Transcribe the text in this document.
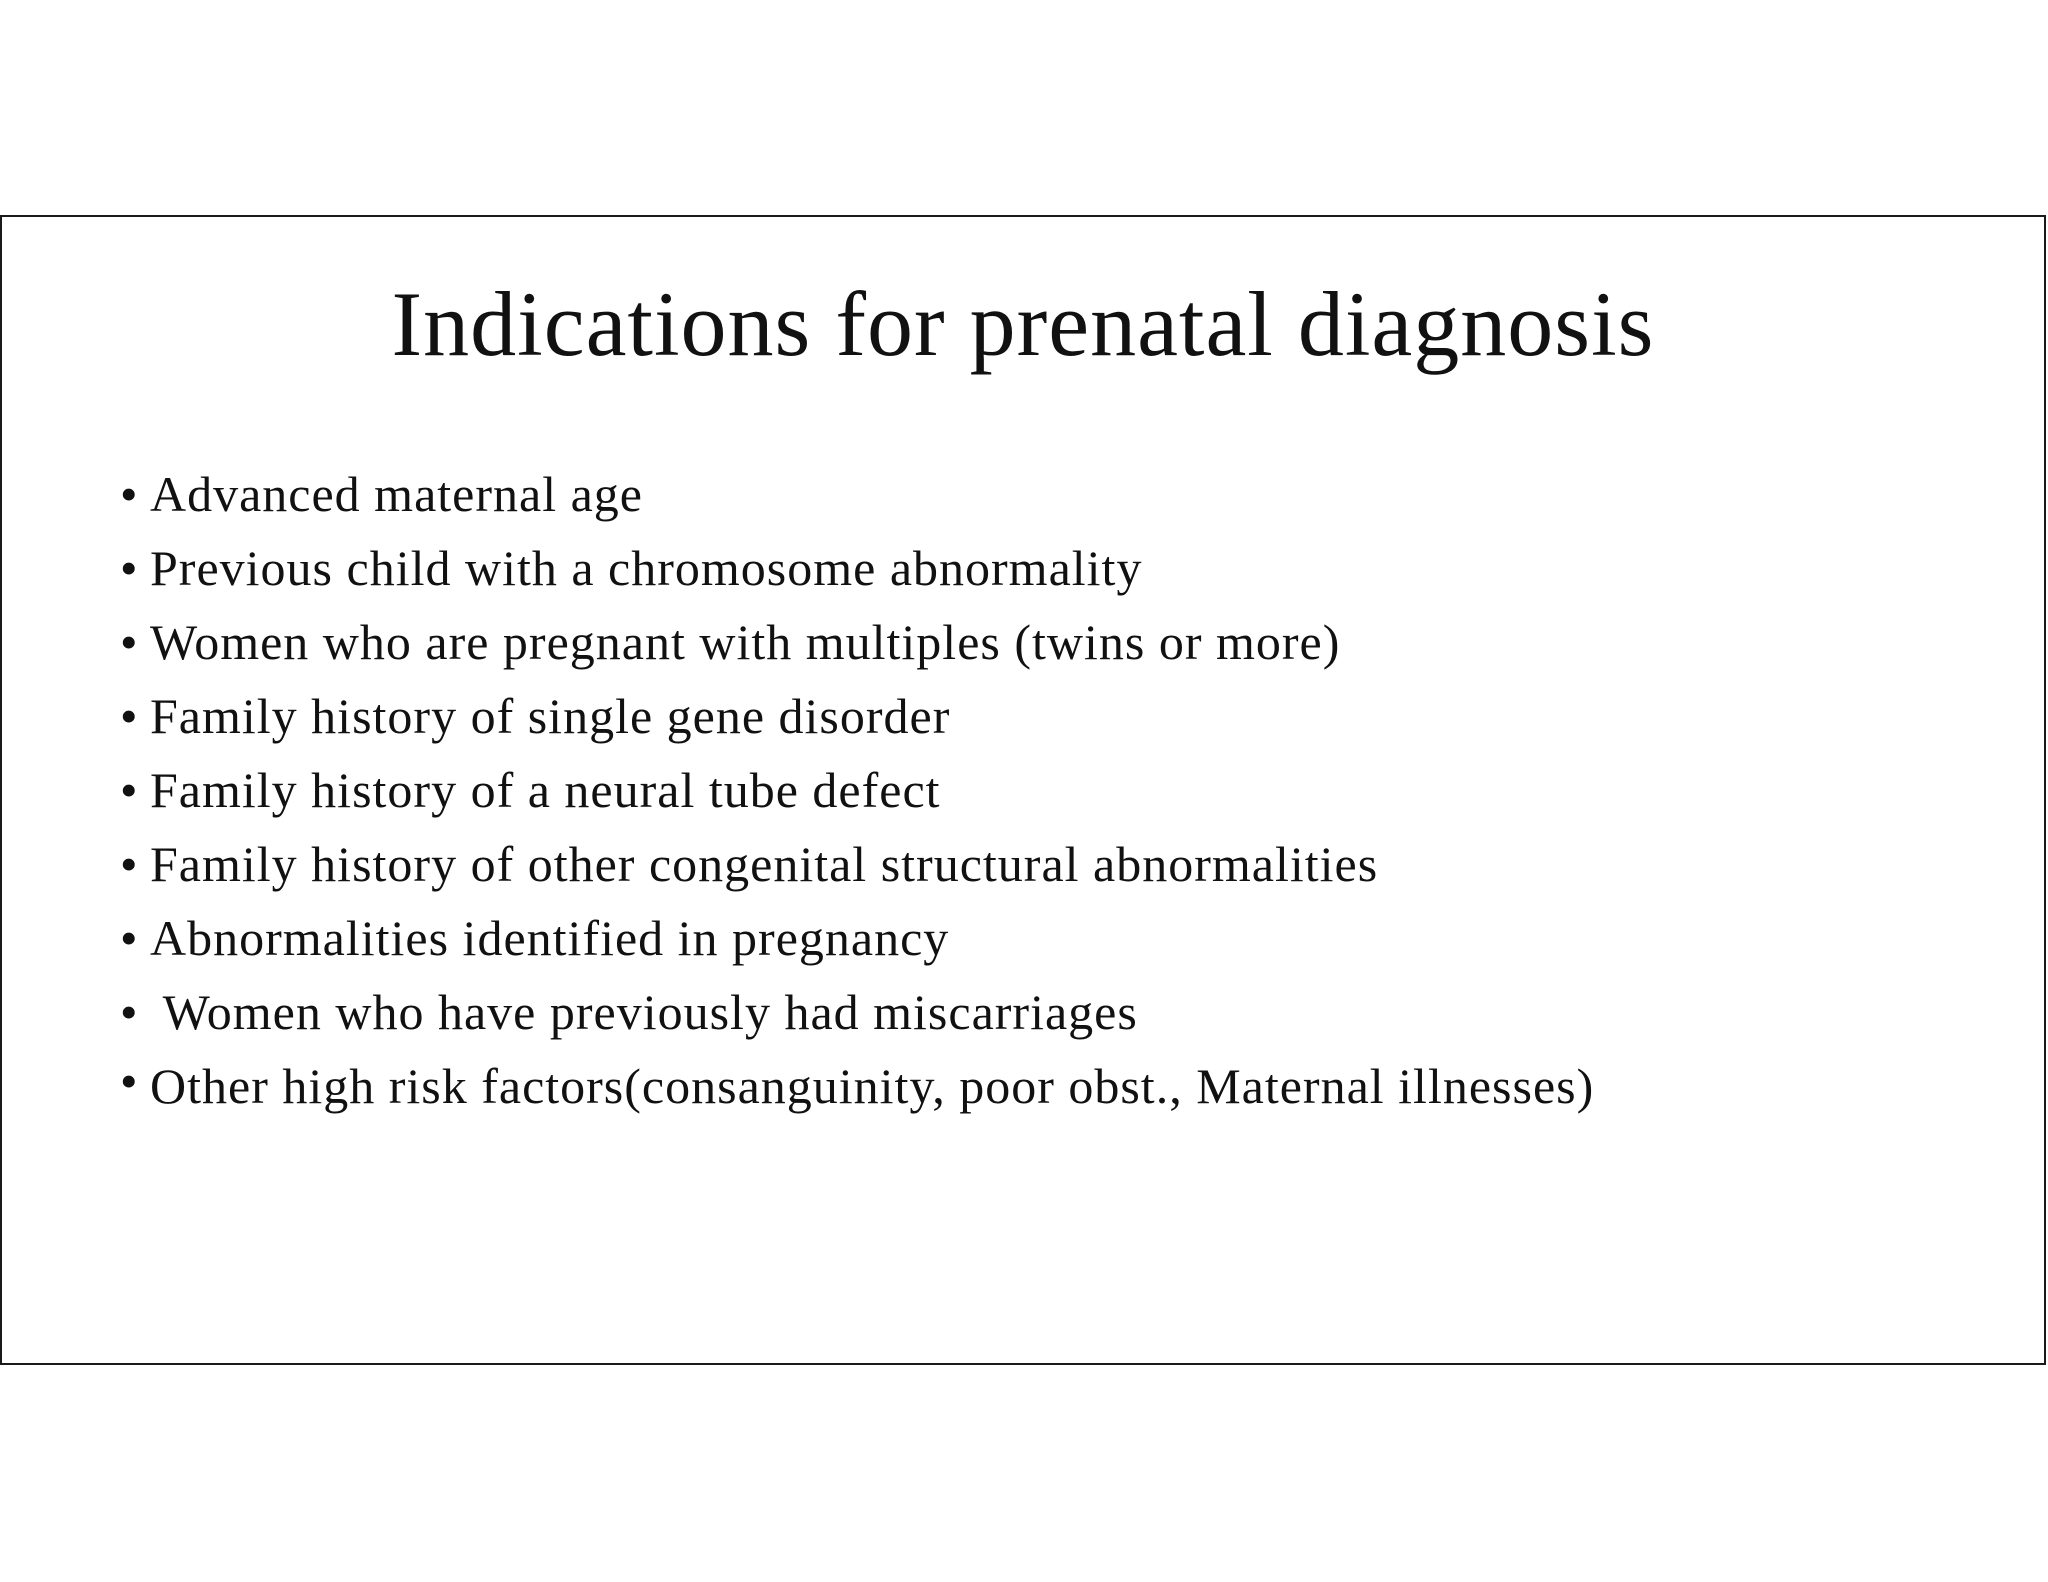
Indications for prenatal diagnosis
• Advanced maternal age
• Previous child with a chromosome abnormality
• Women who are pregnant with multiples (twins or more)
• Family history of single gene disorder
• Family history of a neural tube defect
• Family history of other congenital structural abnormalities
• Abnormalities identified in pregnancy
• Women who have previously had miscarriages
• Other high risk factors(consanguinity, poor obst., Maternal illnesses)
